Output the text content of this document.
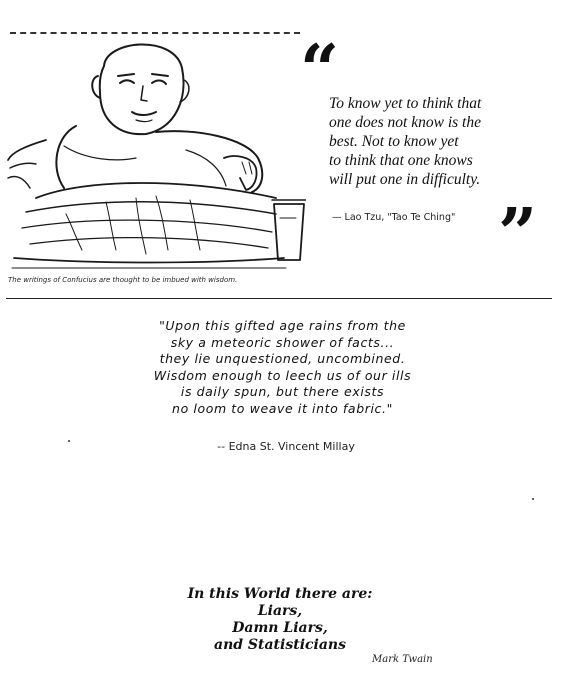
The writings of Confucius are thought to be imbued with wisdom.
“
To know yet to think that
one does not know is the
best. Not to know yet
to think that one knows
will put one in difficulty.
— Lao Tzu, "Tao Te Ching" ”
"Upon this gifted age rains from the
sky a meteoric shower of facts...
they lie unquestioned, uncombined.
Wisdom enough to leech us of our ills
is daily spun, but there exists
no loom to weave it into fabric."
-- Edna St. Vincent Millay
In this World there are:
Liars,
Damn Liars,
and Statisticians
Mark Twain
